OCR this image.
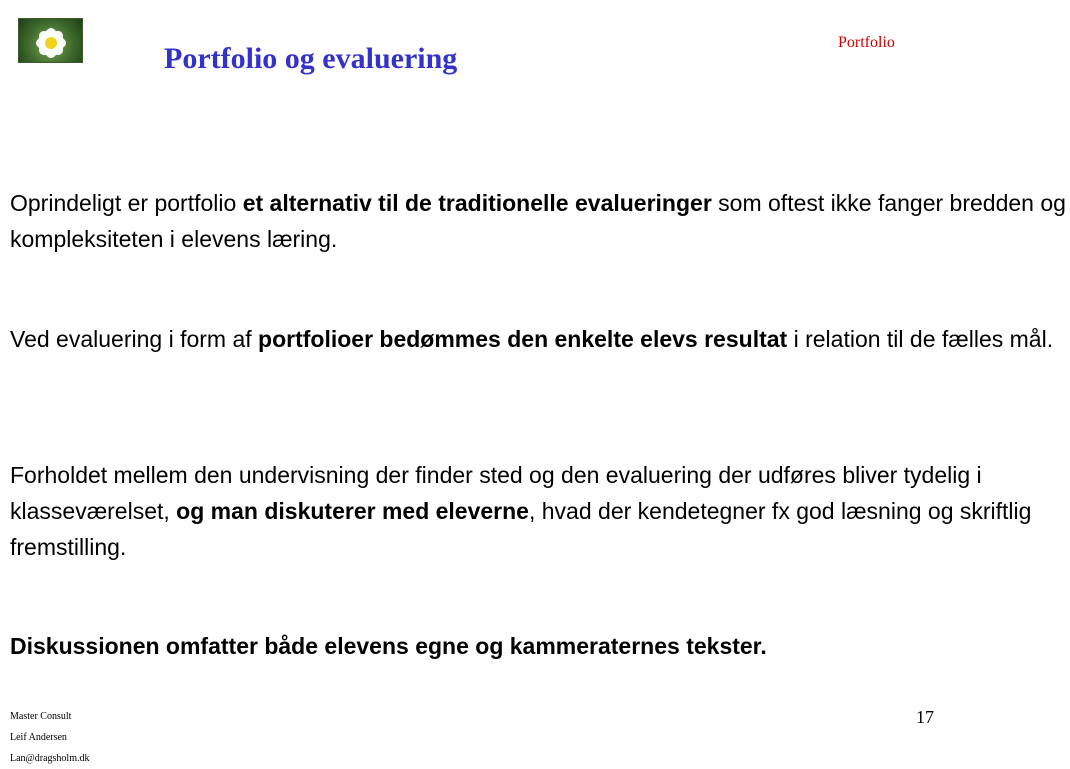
Portfolio og evaluering	Portfolio
Oprindeligt er portfolio et alternativ til de traditionelle evalueringer som oftest ikke fanger bredden og kompleksiteten i elevens læring.
Ved evaluering i form af portfolioer bedømmes den enkelte elevs resultat i relation til de fælles mål.
Forholdet mellem den undervisning der finder sted og den evaluering der udføres bliver tydelig i klasseværelset, og man diskuterer med eleverne, hvad der kendetegner fx god læsning og skriftlig fremstilling.
Diskussionen omfatter både elevens egne og kammeraternes tekster.
17
Master Consult
Leif Andersen
Lan@dragsholm.dk
